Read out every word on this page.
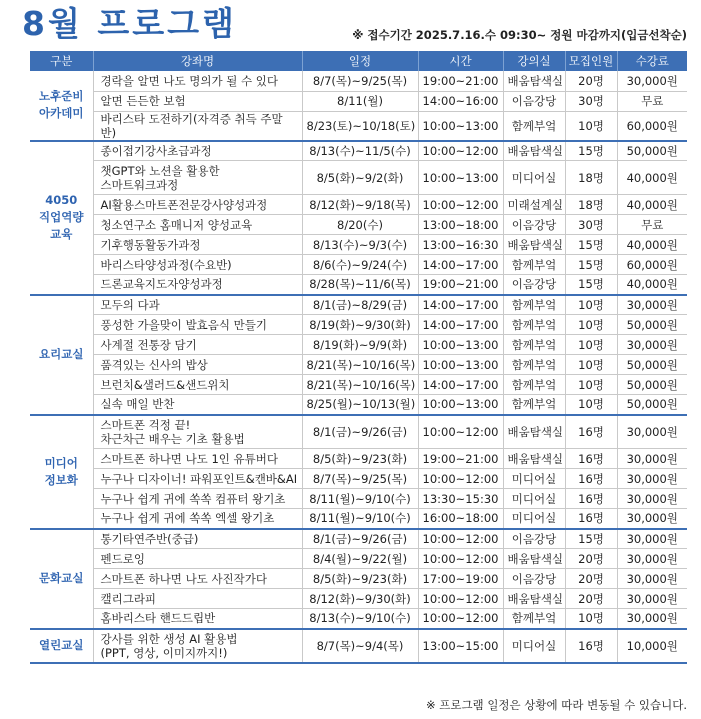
8월 프로그램	※ 접수기간 2025.7.16.수 09:30~ 정원 마감까지(입금선착순)
구분	강좌명	일정	시간	강의실	모집인원	수강료
노후준비
아카데미	경락을 알면 나도 명의가 될 수 있다	8/7(목)~9/25(목)	19:00~21:00	배움탐색실	20명	30,000원
	알면 든든한 보험	8/11(월)	14:00~16:00	이음강당	30명	무료
	바리스타 도전하기(자격증 취득 주말반)	8/23(토)~10/18(토)	10:00~13:00	함께부엌	10명	60,000원
4050
직업역량
교육	종이접기강사초급과정	8/13(수)~11/5(수)	10:00~12:00	배움탐색실	15명	50,000원
	챗GPT와 노션을 활용한
스마트워크과정	8/5(화)~9/2(화)	10:00~13:00	미디어실	18명	40,000원
	AI활용스마트폰전문강사양성과정	8/12(화)~9/18(목)	10:00~12:00	미래설계실	18명	40,000원
	청소연구소 홈매니저 양성교육	8/20(수)	13:00~18:00	이음강당	30명	무료
	기후행동활동가과정	8/13(수)~9/3(수)	13:00~16:30	배움탐색실	15명	40,000원
	바리스타양성과정(수요반)	8/6(수)~9/24(수)	14:00~17:00	함께부엌	15명	60,000원
	드론교육지도자양성과정	8/28(목)~11/6(목)	19:00~21:00	이음강당	15명	40,000원
요리교실	모두의 다과	8/1(금)~8/29(금)	14:00~17:00	함께부엌	10명	30,000원
	풍성한 가을맞이 발효음식 만들기	8/19(화)~9/30(화)	14:00~17:00	함께부엌	10명	50,000원
	사계절 전통장 담기	8/19(화)~9/9(화)	10:00~13:00	함께부엌	10명	30,000원
	품격있는 신사의 밥상	8/21(목)~10/16(목)	10:00~13:00	함께부엌	10명	50,000원
	브런치&샐러드&샌드위치	8/21(목)~10/16(목)	14:00~17:00	함께부엌	10명	50,000원
	실속 매일 반찬	8/25(월)~10/13(월)	10:00~13:00	함께부엌	10명	50,000원
미디어
정보화	스마트폰 걱정 끝!
차근차근 배우는 기초 활용법	8/1(금)~9/26(금)	10:00~12:00	배움탐색실	16명	30,000원
	스마트폰 하나면 나도 1인 유튜버다	8/5(화)~9/23(화)	19:00~21:00	배움탐색실	16명	30,000원
	누구나 디자이너! 파워포인트&캔바&AI	8/7(목)~9/25(목)	10:00~12:00	미디어실	16명	30,000원
	누구나 쉽게 귀에 쏙쏙 컴퓨터 왕기초	8/11(월)~9/10(수)	13:30~15:30	미디어실	16명	30,000원
	누구나 쉽게 귀에 쏙쏙 엑셀 왕기초	8/11(월)~9/10(수)	16:00~18:00	미디어실	16명	30,000원
문화교실	통기타연주반(중급)	8/1(금)~9/26(금)	10:00~12:00	이음강당	15명	30,000원
	펜드로잉	8/4(월)~9/22(월)	10:00~12:00	배움탐색실	20명	30,000원
	스마트폰 하나면 나도 사진작가다	8/5(화)~9/23(화)	17:00~19:00	이음강당	20명	30,000원
	캘리그라피	8/12(화)~9/30(화)	10:00~12:00	배움탐색실	20명	30,000원
	홈바리스타 핸드드립반	8/13(수)~9/10(수)	10:00~12:00	함께부엌	10명	30,000원
열린교실	강사를 위한 생성 AI 활용법
(PPT, 영상, 이미지까지!)	8/7(목)~9/4(목)	13:00~15:00	미디어실	16명	10,000원
※ 프로그램 일정은 상황에 따라 변동될 수 있습니다.
